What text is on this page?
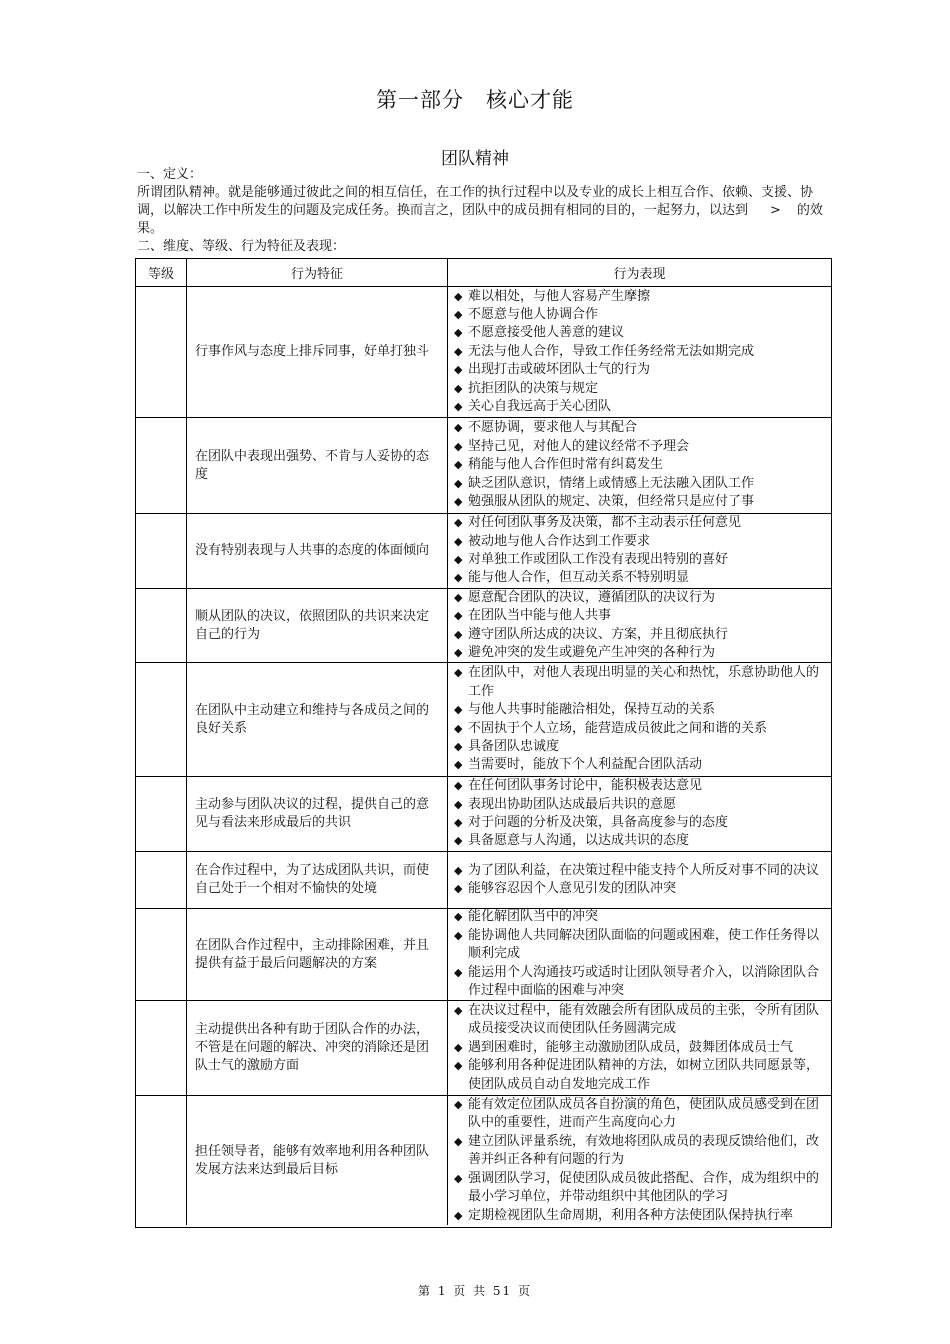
第一部分　核心才能
团队精神

一、定义：

所谓团队精神。就是能够通过彼此之间的相互信任，在工作的执行过程中以及专业的成长上相互合作、依赖、支援、协调，以解决工作中所发生的问题及完成任务。换而言之，团队中的成员拥有相同的目的，一起努力，以达到 > 的效果。

二、维度、等级、行为特征及表现：

等级	行为特征	行为表现
行事作风与态度上排斥同事，好单打独斗
◆ 难以相处，与他人容易产生摩擦
◆ 不愿意与他人协调合作
◆ 不愿意接受他人善意的建议
◆ 无法与他人合作，导致工作任务经常无法如期完成
◆ 出现打击或破坏团队士气的行为
◆ 抗拒团队的决策与规定
◆ 关心自我远高于关心团队
在团队中表现出强势、不肯与人妥协的态度
◆ 不愿协调，要求他人与其配合
◆ 坚持己见，对他人的建议经常不予理会
◆ 稍能与他人合作但时常有纠葛发生
◆ 缺乏团队意识，情绪上或情感上无法融入团队工作
◆ 勉强服从团队的规定、决策，但经常只是应付了事
没有特别表现与人共事的态度的体面倾向
◆ 对任何团队事务及决策，都不主动表示任何意见
◆ 被动地与他人合作达到工作要求
◆ 对单独工作或团队工作没有表现出特别的喜好
◆ 能与他人合作，但互动关系不特别明显
顺从团队的决议，依照团队的共识来决定自己的行为
◆ 愿意配合团队的决议，遵循团队的决议行为
◆ 在团队当中能与他人共事
◆ 遵守团队所达成的决议、方案，并且彻底执行
◆ 避免冲突的发生或避免产生冲突的各种行为
在团队中主动建立和维持与各成员之间的良好关系
◆ 在团队中，对他人表现出明显的关心和热忱，乐意协助他人的工作
◆ 与他人共事时能融洽相处，保持互动的关系
◆ 不固执于个人立场，能营造成员彼此之间和谐的关系
◆ 具备团队忠诚度
◆ 当需要时，能放下个人利益配合团队活动
主动参与团队决议的过程，提供自己的意见与看法来形成最后的共识
◆ 在任何团队事务讨论中，能积极表达意见
◆ 表现出协助团队达成最后共识的意愿
◆ 对于问题的分析及决策，具备高度参与的态度
◆ 具备愿意与人沟通，以达成共识的态度
在合作过程中，为了达成团队共识，而使自己处于一个相对不愉快的处境
◆ 为了团队利益，在决策过程中能支持个人所反对事不同的决议
◆ 能够容忍因个人意见引发的团队冲突
在团队合作过程中，主动排除困难，并且提供有益于最后问题解决的方案
◆ 能化解团队当中的冲突
◆ 能协调他人共同解决团队面临的问题或困难，使工作任务得以顺利完成
◆ 能运用个人沟通技巧或适时让团队领导者介入，以消除团队合作过程中面临的困难与冲突
主动提供出各种有助于团队合作的办法，不管是在问题的解决、冲突的消除还是团队士气的激励方面
◆ 在决议过程中，能有效融会所有团队成员的主张，令所有团队成员接受决议而使团队任务圆满完成
◆ 遇到困难时，能够主动激励团队成员，鼓舞团体成员士气
◆ 能够利用各种促进团队精神的方法，如树立团队共同愿景等，使团队成员自动自发地完成工作
担任领导者，能够有效率地利用各种团队发展方法来达到最后目标
◆ 能有效定位团队成员各自扮演的角色，使团队成员感受到在团队中的重要性，进而产生高度向心力
◆ 建立团队评量系统，有效地将团队成员的表现反馈给他们，改善并纠正各种有问题的行为
◆ 强调团队学习，促使团队成员彼此搭配、合作，成为组织中的最小学习单位，并带动组织中其他团队的学习
◆ 定期检视团队生命周期，利用各种方法使团队保持执行率
第 1 页 共 51 页
